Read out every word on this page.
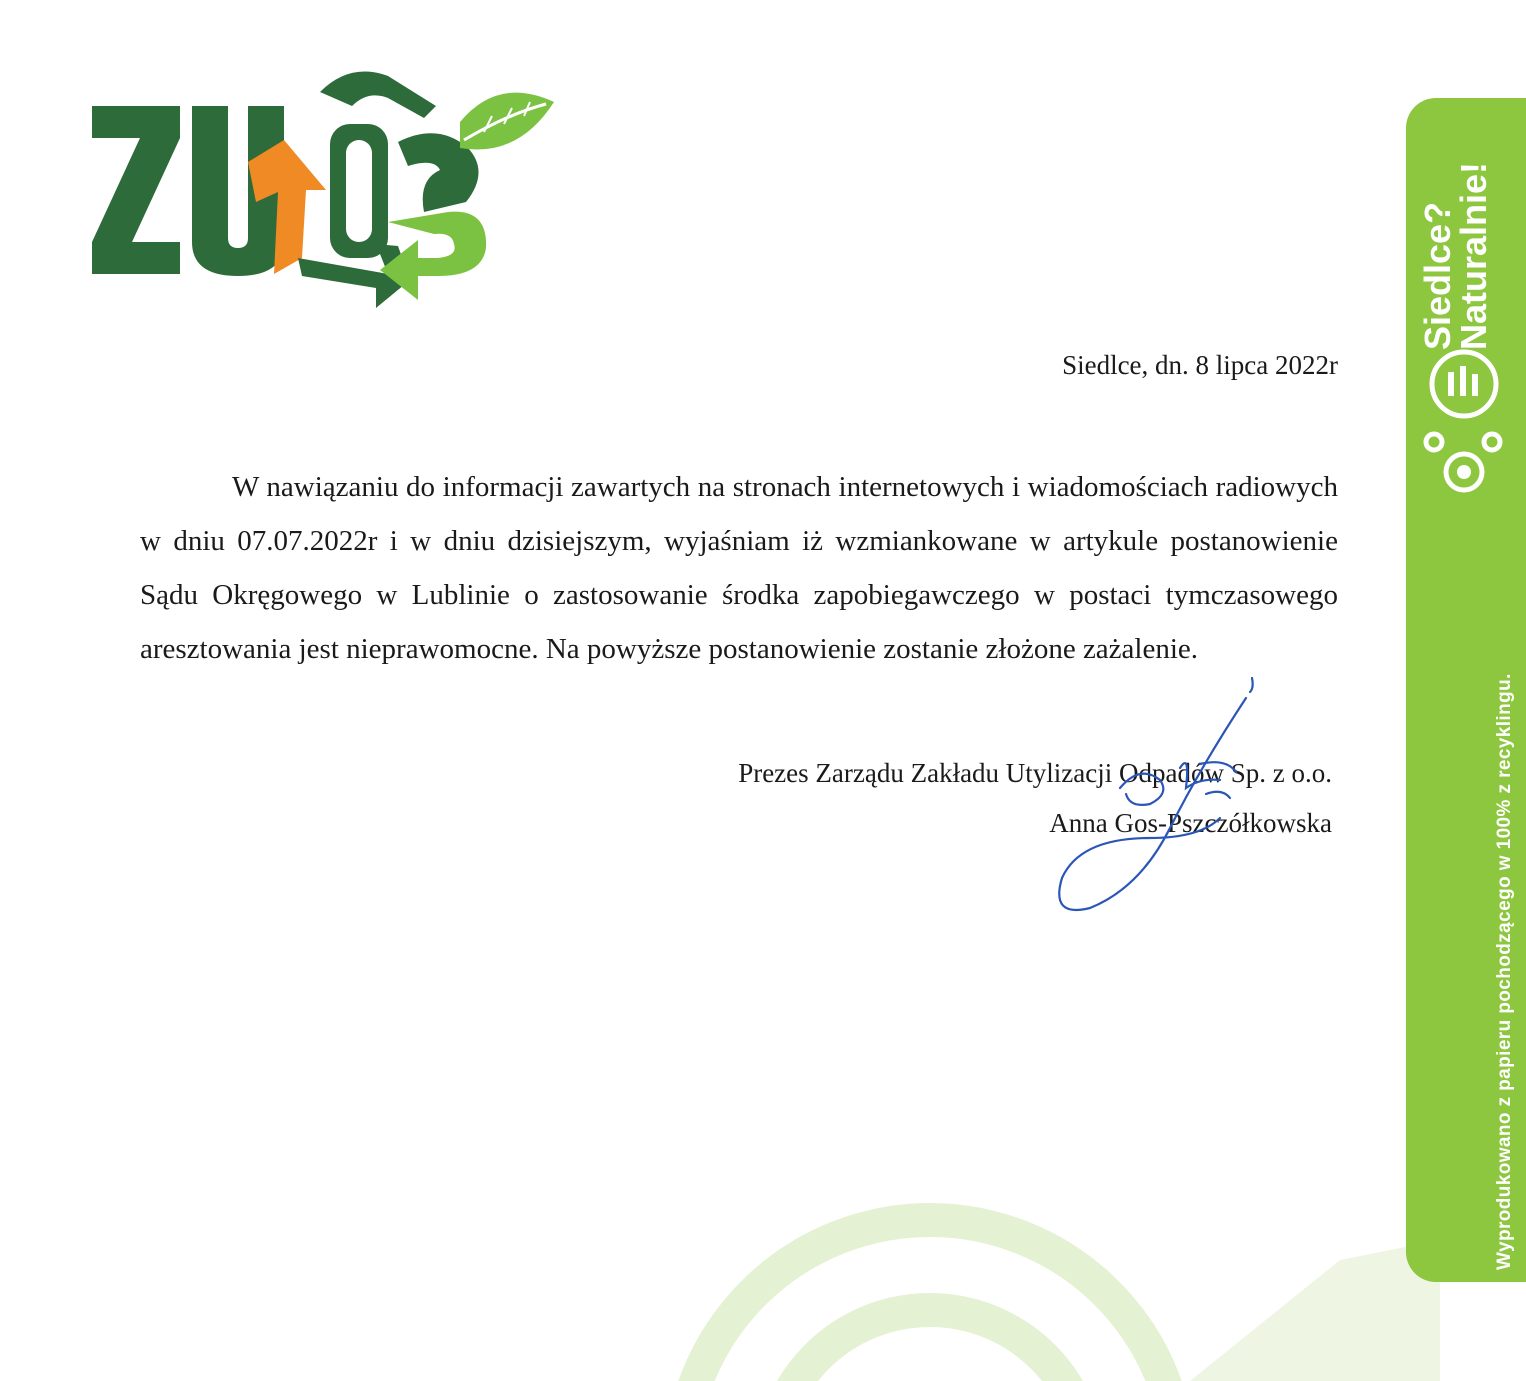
Siedlce?
Naturalnie!
Wyprodukowano z papieru pochodzącego w 100% z recyklingu.
Siedlce, dn. 8 lipca 2022r

W nawiązaniu do informacji zawartych na stronach internetowych i wiadomościach radiowych w dniu 07.07.2022r i w dniu dzisiejszym, wyjaśniam iż wzmiankowane w artykule postanowienie Sądu Okręgowego w Lublinie o zastosowanie środka zapobiegawczego w postaci tymczasowego aresztowania jest nieprawomocne. Na powyższe postanowienie zostanie złożone zażalenie.

Prezes Zarządu Zakładu Utylizacji Odpadów Sp. z o.o.
Anna Gos-Pszczółkowska
